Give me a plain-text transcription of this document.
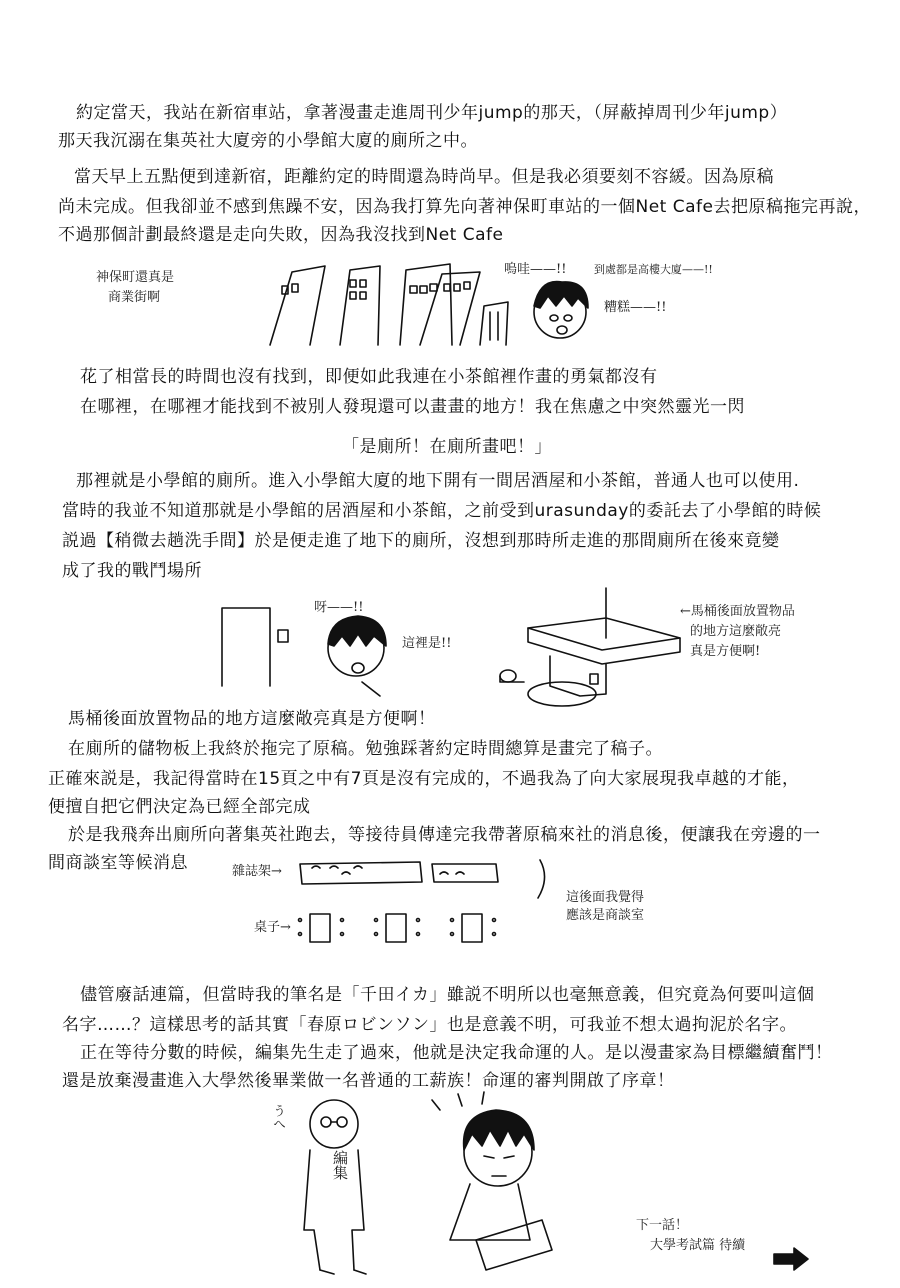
約定當天，我站在新宿車站，拿著漫畫走進周刊少年jump的那天，（屏蔽掉周刊少年jump）
那天我沉溺在集英社大廈旁的小學館大廈的廁所之中。
當天早上五點便到達新宿，距離約定的時間還為時尚早。但是我必須要刻不容緩。因為原稿
尚未完成。但我卻並不感到焦躁不安，因為我打算先向著神保町車站的一個Net Cafe去把原稿拖完再說，
不過那個計劃最終還是走向失敗，因為我沒找到Net Cafe
花了相當長的時間也沒有找到，即便如此我連在小茶館裡作畫的勇氣都沒有
在哪裡，在哪裡才能找到不被別人發現還可以畫畫的地方！我在焦慮之中突然靈光一閃
「是廁所！在廁所畫吧！」
那裡就是小學館的廁所。進入小學館大廈的地下開有一間居酒屋和小茶館，普通人也可以使用.
當時的我並不知道那就是小學館的居酒屋和小茶館，之前受到urasunday的委託去了小學館的時候
説過【稍微去趟洗手間】於是便走進了地下的廁所，沒想到那時所走進的那間廁所在後來竟變
成了我的戰鬥場所
馬桶後面放置物品的地方這麼敞亮真是方便啊！
在廁所的儲物板上我終於拖完了原稿。勉強踩著約定時間總算是畫完了稿子。
正確來説是，我記得當時在15頁之中有7頁是沒有完成的，不過我為了向大家展現我卓越的才能，
便擅自把它們決定為已經全部完成
於是我飛奔出廁所向著集英社跑去，等接待員傳達完我帶著原稿來社的消息後，便讓我在旁邊的一
間商談室等候消息
儘管廢話連篇，但當時我的筆名是「千田イカ」雖説不明所以也毫無意義，但究竟為何要叫這個
名字……？這樣思考的話其實「春原ロビンソン」也是意義不明，可我並不想太過拘泥於名字。
正在等待分數的時候，編集先生走了過來，他就是決定我命運的人。是以漫畫家為目標繼續奮鬥！
還是放棄漫畫進入大學然後畢業做一名普通的工薪族！命運的審判開啟了序章！
神保町還真是
商業街啊
嗚哇——!!	到處都是高樓大廈——!!
糟糕——!!
呀——!!
這裡是!!
←馬桶後面放置物品
的地方這麼敞亮
真是方便啊!
雜誌架→
桌子→
這後面我覺得
應該是商談室
うへ
編集
下一話！
大學考試篇 待續
